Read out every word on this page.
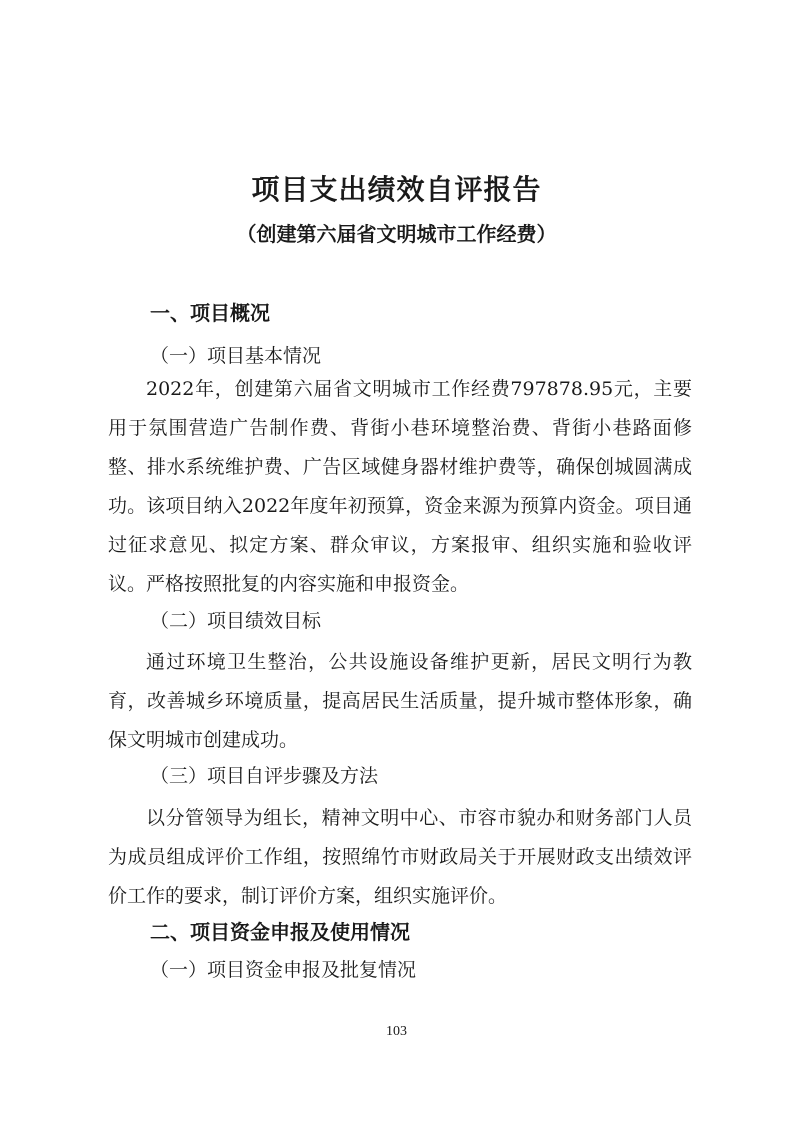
项目支出绩效自评报告
（创建第六届省文明城市工作经费）
一、项目概况
（一）项目基本情况
2022年，创建第六届省文明城市工作经费797878.95元，主要用于氛围营造广告制作费、背街小巷环境整治费、背街小巷路面修整、排水系统维护费、广告区域健身器材维护费等，确保创城圆满成功。该项目纳入2022年度年初预算，资金来源为预算内资金。项目通过征求意见、拟定方案、群众审议，方案报审、组织实施和验收评议。严格按照批复的内容实施和申报资金。
（二）项目绩效目标
通过环境卫生整治，公共设施设备维护更新，居民文明行为教育，改善城乡环境质量，提高居民生活质量，提升城市整体形象，确保文明城市创建成功。
（三）项目自评步骤及方法
以分管领导为组长，精神文明中心、市容市貌办和财务部门人员为成员组成评价工作组，按照绵竹市财政局关于开展财政支出绩效评价工作的要求，制订评价方案，组织实施评价。
二、项目资金申报及使用情况
（一）项目资金申报及批复情况
103
